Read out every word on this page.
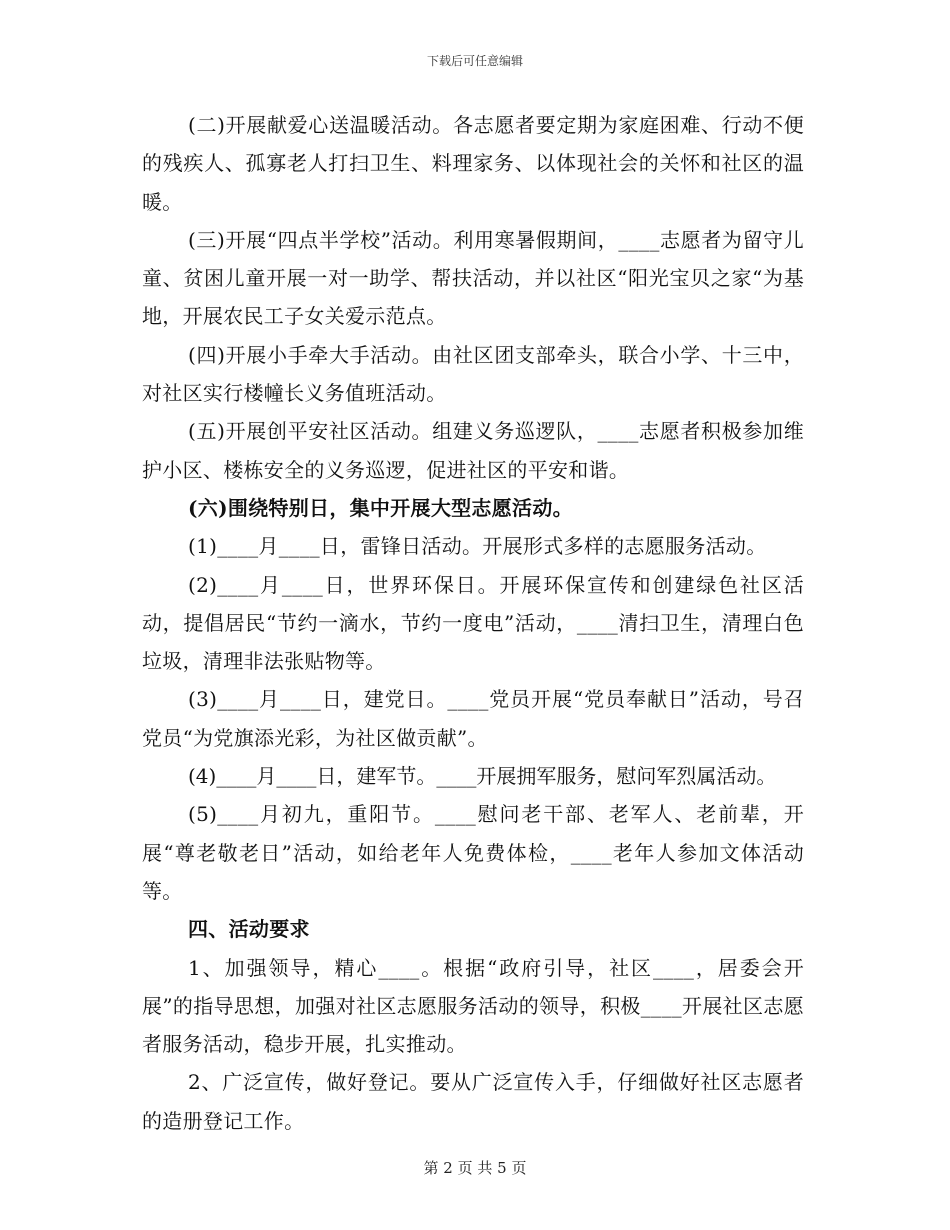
下载后可任意编辑

(二)开展献爱心送温暖活动。各志愿者要定期为家庭困难、行动不便的残疾人、孤寡老人打扫卫生、料理家务、以体现社会的关怀和社区的温暖。

(三)开展“四点半学校”活动。利用寒暑假期间，____志愿者为留守儿童、贫困儿童开展一对一助学、帮扶活动，并以社区“阳光宝贝之家“为基地，开展农民工子女关爱示范点。

(四)开展小手牵大手活动。由社区团支部牵头，联合小学、十三中，对社区实行楼幢长义务值班活动。

(五)开展创平安社区活动。组建义务巡逻队，____志愿者积极参加维护小区、楼栋安全的义务巡逻，促进社区的平安和谐。

(六)围绕特别日，集中开展大型志愿活动。

(1)____月____日，雷锋日活动。开展形式多样的志愿服务活动。

(2)____月____日，世界环保日。开展环保宣传和创建绿色社区活动，提倡居民“节约一滴水，节约一度电”活动，____清扫卫生，清理白色垃圾，清理非法张贴物等。

(3)____月____日，建党日。____党员开展“党员奉献日”活动，号召党员“为党旗添光彩，为社区做贡献”。

(4)____月____日，建军节。____开展拥军服务，慰问军烈属活动。

(5)____月初九，重阳节。____慰问老干部、老军人、老前辈，开展“尊老敬老日”活动，如给老年人免费体检，____老年人参加文体活动等。

四、活动要求

1、加强领导，精心____。根据“政府引导，社区____，居委会开展”的指导思想，加强对社区志愿服务活动的领导，积极____开展社区志愿者服务活动，稳步开展，扎实推动。

2、广泛宣传，做好登记。要从广泛宣传入手，仔细做好社区志愿者的造册登记工作。

第 2 页 共 5 页
